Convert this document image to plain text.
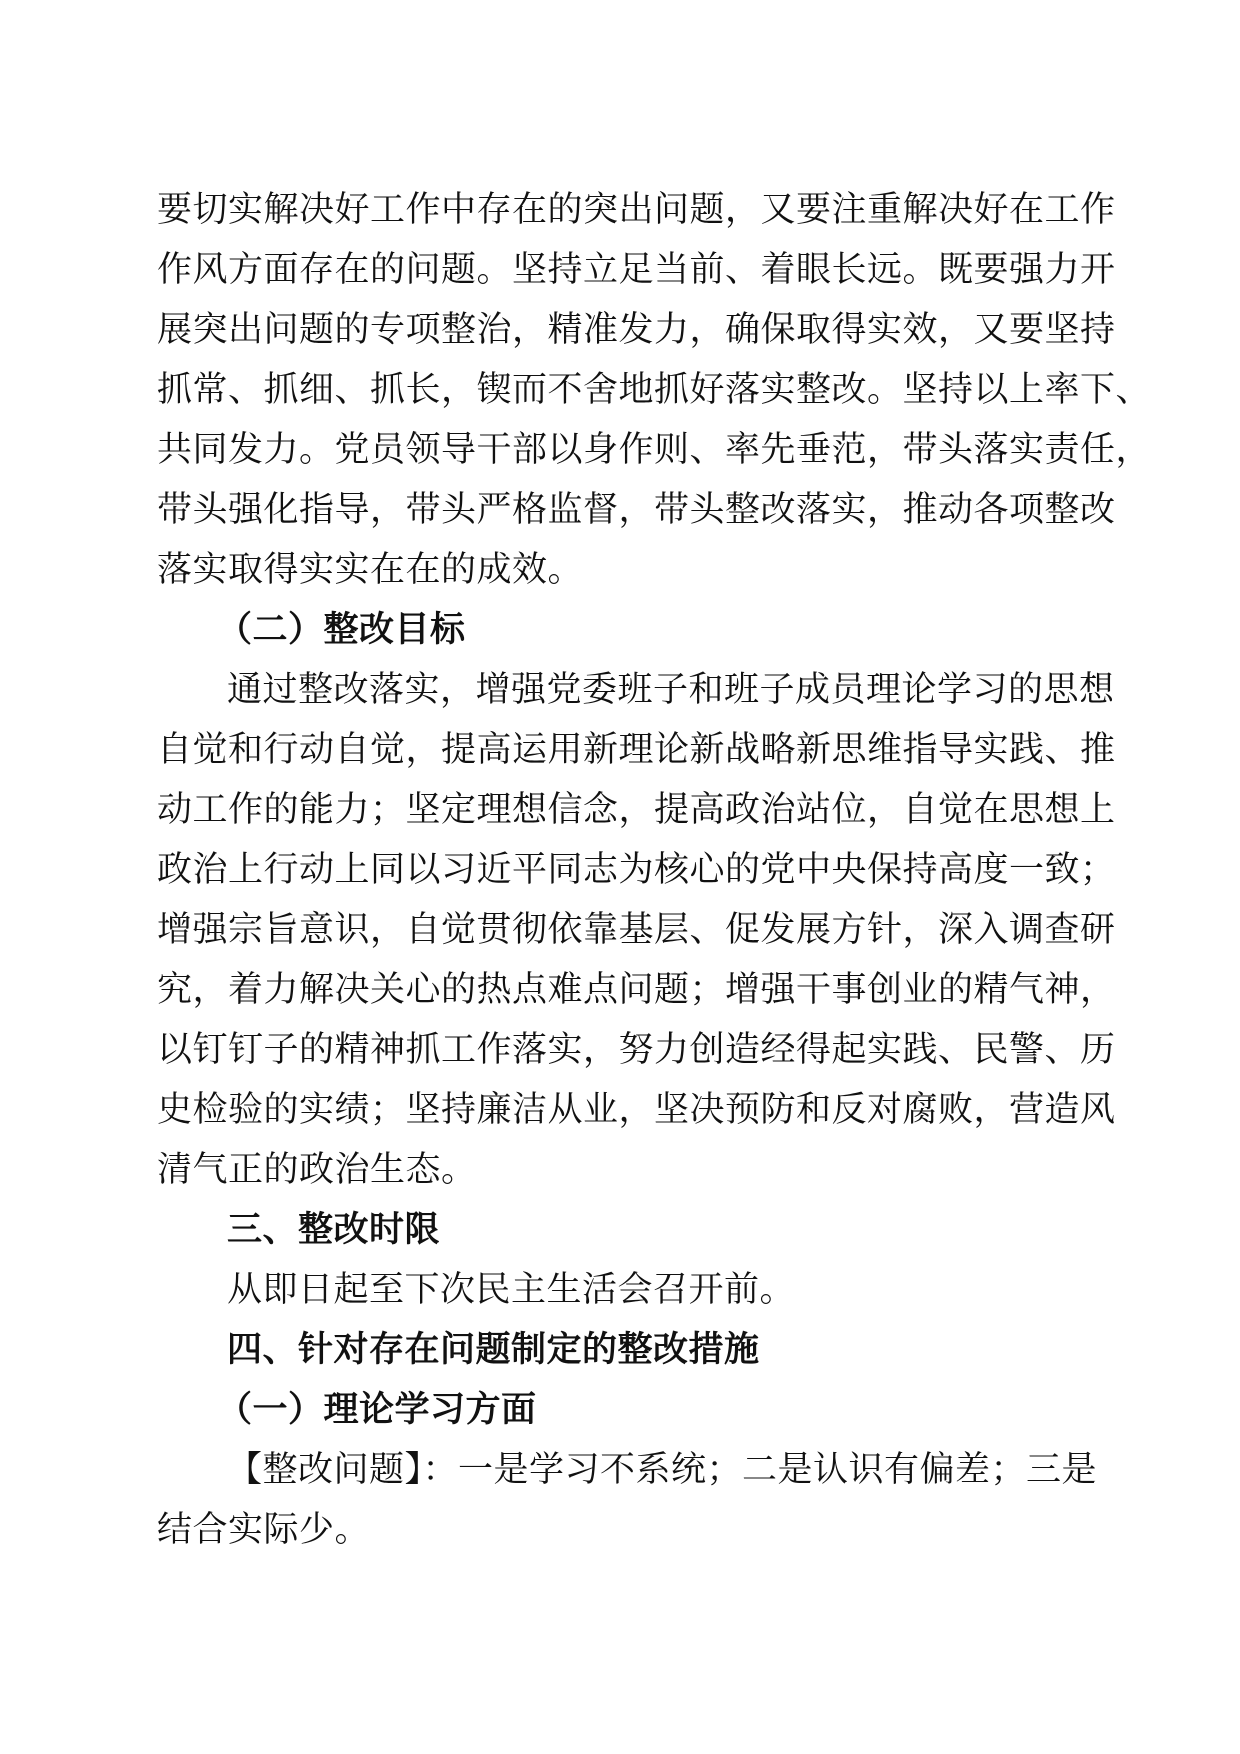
要切实解决好工作中存在的突出问题，又要注重解决好在工作
作风方面存在的问题。坚持立足当前、着眼长远。既要强力开
展突出问题的专项整治，精准发力，确保取得实效，又要坚持
抓常、抓细、抓长，锲而不舍地抓好落实整改。坚持以上率下、
共同发力。党员领导干部以身作则、率先垂范，带头落实责任，
带头强化指导，带头严格监督，带头整改落实，推动各项整改
落实取得实实在在的成效。
（二）整改目标
通过整改落实，增强党委班子和班子成员理论学习的思想
自觉和行动自觉，提高运用新理论新战略新思维指导实践、推
动工作的能力；坚定理想信念，提高政治站位，自觉在思想上
政治上行动上同以习近平同志为核心的党中央保持高度一致；
增强宗旨意识，自觉贯彻依靠基层、促发展方针，深入调查研
究，着力解决关心的热点难点问题；增强干事创业的精气神，
以钉钉子的精神抓工作落实，努力创造经得起实践、民警、历
史检验的实绩；坚持廉洁从业，坚决预防和反对腐败，营造风
清气正的政治生态。
三、整改时限
从即日起至下次民主生活会召开前。
四、针对存在问题制定的整改措施
（一）理论学习方面
【整改问题】：一是学习不系统；二是认识有偏差；三是
结合实际少。
